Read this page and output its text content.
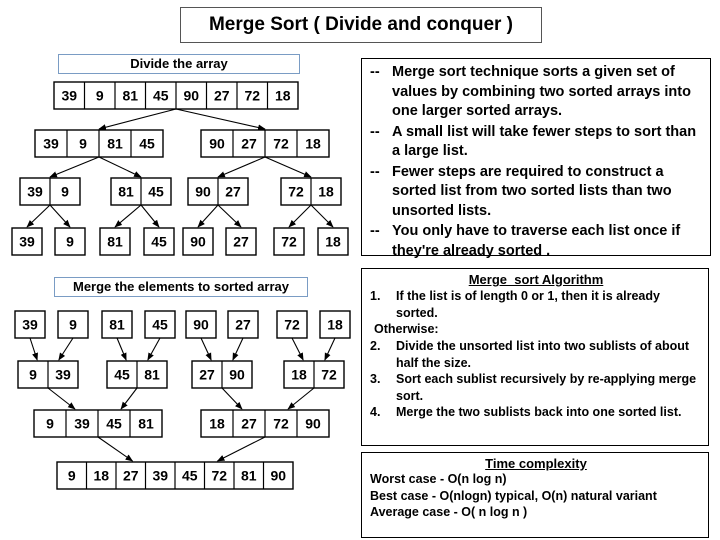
Merge Sort ( Divide and conquer )
Divide the array
Merge the elements to sorted array
39 9 81 45 90 27 72 18
39 9 81 45	90 27 72 18
39 9	81 45 90 27	72 18
39 9 81 45 90 27 72 18
39 9 81 45 90 27 72 18
9 39	45 81	27 90	18 72
9 39 45 81	18 27 72 90
9 18 27 39 45 72 81 90
-- Merge sort technique sorts a given set of values by combining two sorted arrays into one larger sorted arrays.
-- A small list will take fewer steps to sort than a large list.
-- Fewer steps are required to construct a sorted list from two sorted lists than two unsorted lists.
-- You only have to traverse each list once if they're already sorted .
Merge_sort Algorithm
1. If the list is of length 0 or 1, then it is already sorted.
Otherwise:
2. Divide the unsorted list into two sublists of about half the size.
3. Sort each sublist recursively by re-applying merge sort.
4. Merge the two sublists back into one sorted list.
Time complexity
Worst case - O(n log n)
Best case - O(nlogn) typical, O(n) natural variant
Average case - O( n log n )
